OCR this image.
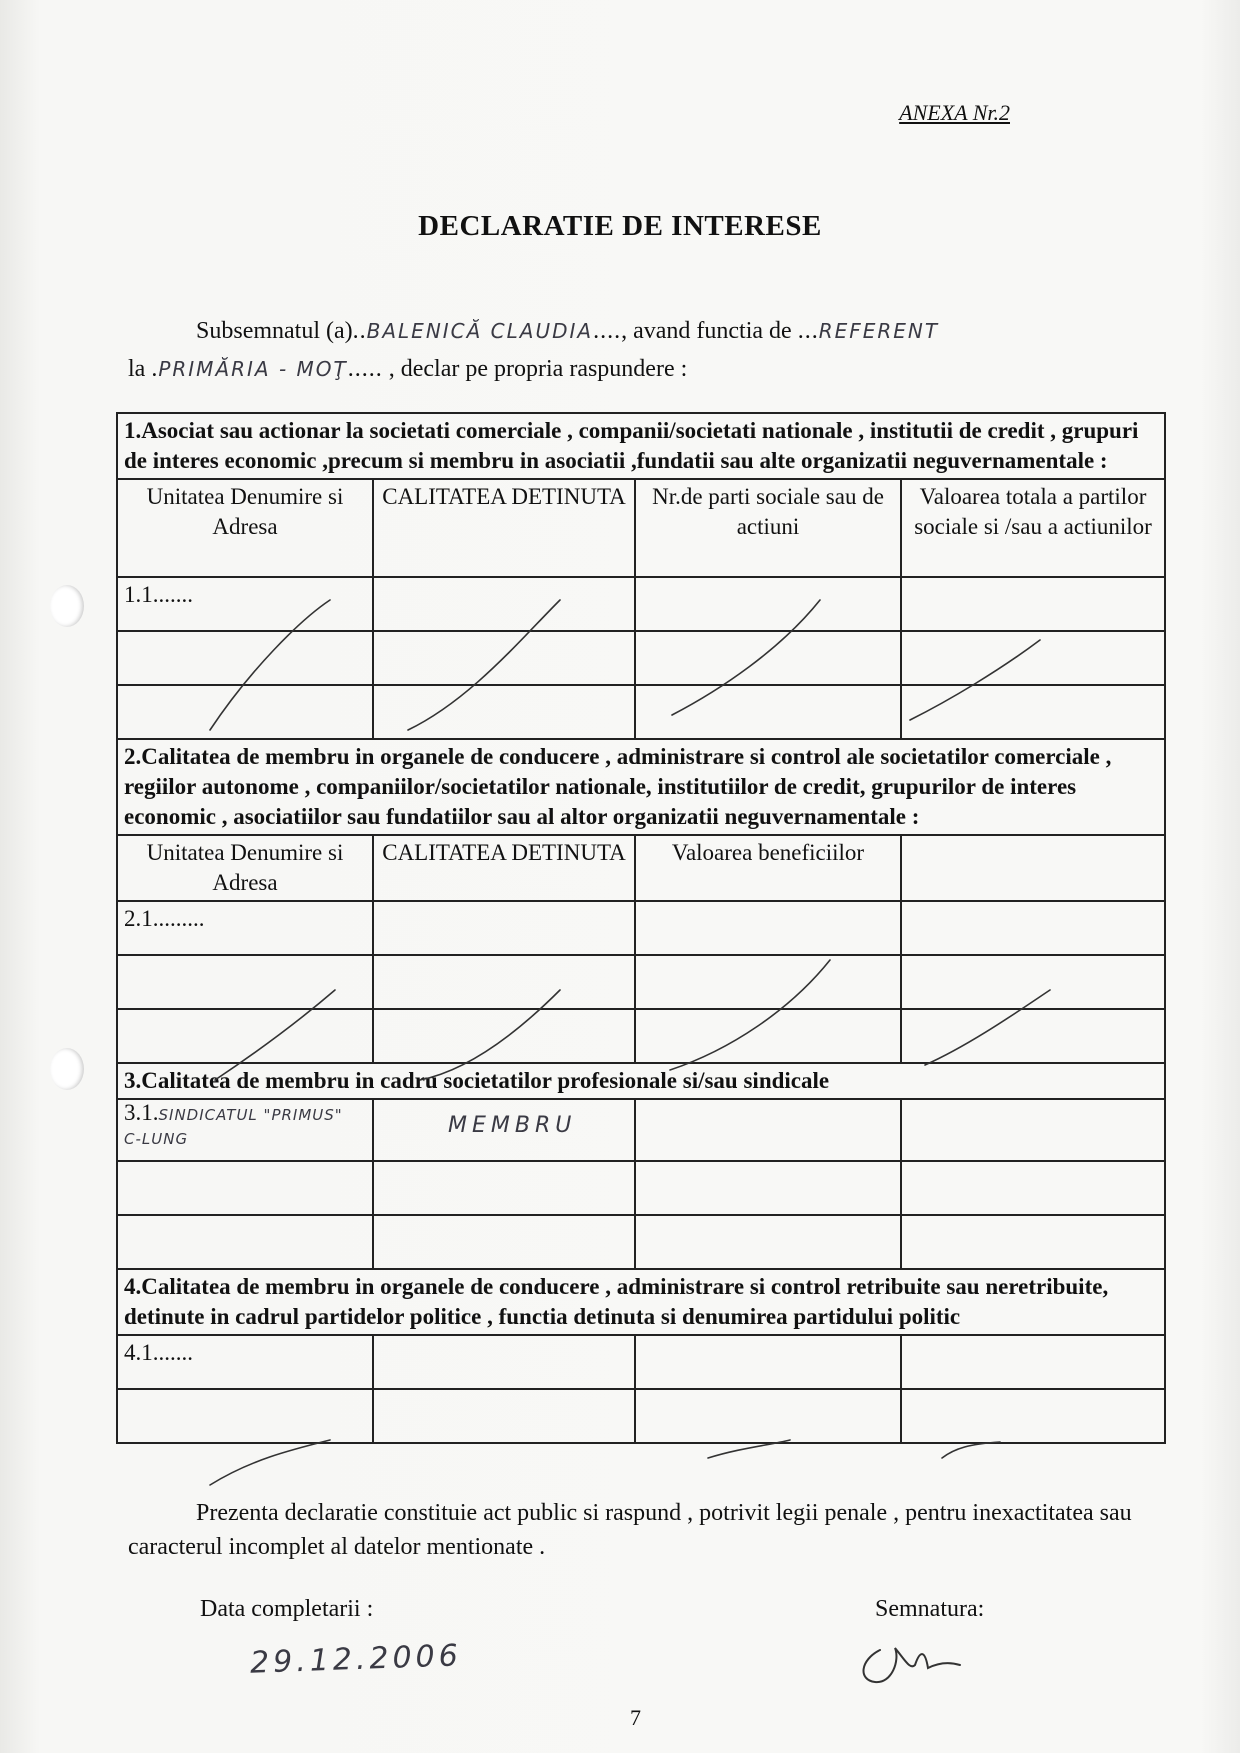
ANEXA Nr.2
DECLARATIE DE INTERESE
Subsemnatul (a)..BALENICĂ CLAUDIA...., avand functia de ...REFERENT
la .PRIMĂRIA - MOŢ..... , declar pe propria raspundere :
1.Asociat sau actionar la societati comerciale , companii/societati nationale , institutii de credit , grupuri de interes economic ,precum si membru in asociatii ,fundatii sau alte organizatii neguvernamentale :			
Unitatea Denumire si Adresa	CALITATEA DETINUTA	Nr.de parti sociale sau de actiuni	Valoarea totala a partilor sociale si /sau a actiunilor
1.1.......			

2.Calitatea de membru in organele de conducere , administrare si control ale societatilor comerciale , regiilor autonome , companiilor/societatilor nationale, institutiilor de credit, grupurilor de interes economic , asociatiilor sau fundatiilor sau al altor organizatii neguvernamentale :			
Unitatea Denumire si Adresa	CALITATEA DETINUTA	Valoarea beneficiilor	
2.1.........			

3.Calitatea de membru in cadru societatilor profesionale si/sau sindicale			
3.1.SINDICATUL "PRIMUS" C-LUNG	MEMBRU		

4.Calitatea de membru in organele de conducere , administrare si control retribuite sau neretribuite, detinute in cadrul partidelor politice , functia detinuta si denumirea partidului politic			
4.1.......			

Prezenta declaratie constituie act public si raspund , potrivit legii penale , pentru inexactitatea sau caracterul incomplet al datelor mentionate .
Data completarii :
29.12.2006
Semnatura:
7
